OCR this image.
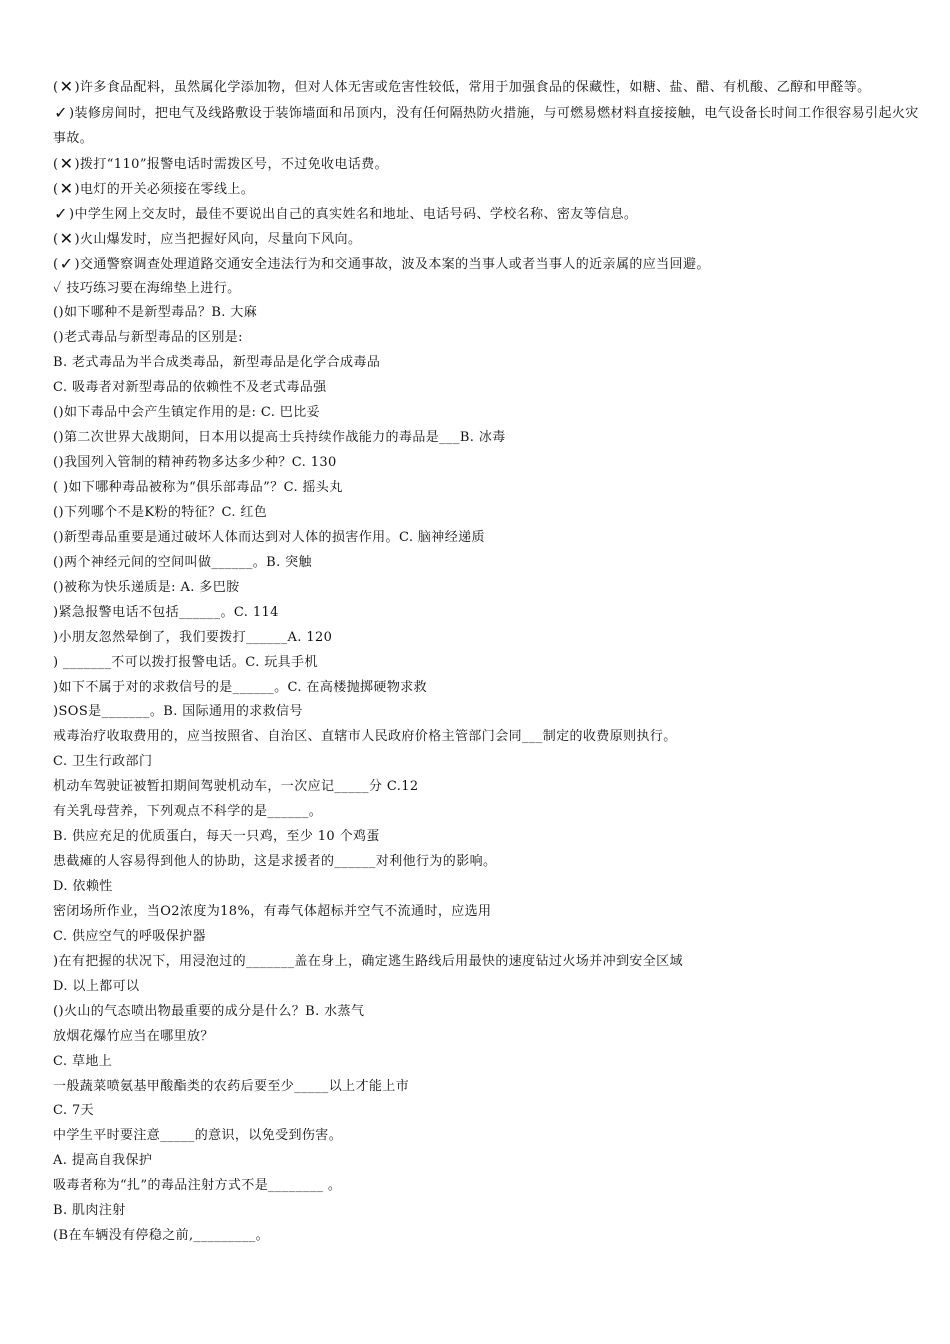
(✕)许多食品配料，虽然属化学添加物，但对人体无害或危害性较低，常用于加强食品的保藏性，如糖、盐、醋、有机酸、乙醇和甲醛等。
✓)装修房间时，把电气及线路敷设于装饰墙面和吊顶内，没有任何隔热防火措施，与可燃易燃材料直接接触，电气设备长时间工作很容易引起火灾事故。
(✕)拨打“110”报警电话时需拨区号，不过免收电话费。
(✕)电灯的开关必须接在零线上。
✓)中学生网上交友时，最佳不要说出自己的真实姓名和地址、电话号码、学校名称、密友等信息。
(✕)火山爆发时，应当把握好风向，尽量向下风向。
(✓)交通警察调查处理道路交通安全违法行为和交通事故，波及本案的当事人或者当事人的近亲属的应当回避。
✓ 技巧练习要在海绵垫上进行。
()如下哪种不是新型毒品？B. 大麻
()老式毒品与新型毒品的区别是:
B. 老式毒品为半合成类毒品，新型毒品是化学合成毒品
C. 吸毒者对新型毒品的依赖性不及老式毒品强
()如下毒品中会产生镇定作用的是: C. 巴比妥
()第二次世界大战期间，日本用以提高士兵持续作战能力的毒品是___B. 冰毒
()我国列入管制的精神药物多达多少种？C. 130
( )如下哪种毒品被称为“俱乐部毒品”？C. 摇头丸
()下列哪个不是K粉的特征？C. 红色
()新型毒品重要是通过破坏人体而达到对人体的损害作用。C. 脑神经递质
()两个神经元间的空间叫做______。B. 突触
()被称为快乐递质是: A. 多巴胺
)紧急报警电话不包括______。C. 114
)小朋友忽然晕倒了，我们要拨打______A. 120
) _______不可以拨打报警电话。C. 玩具手机
)如下不属于对的求救信号的是______。C. 在高楼抛掷硬物求救
)SOS是_______。B. 国际通用的求救信号
戒毒治疗收取费用的，应当按照省、自治区、直辖市人民政府价格主管部门会同___制定的收费原则执行。
C. 卫生行政部门
机动车驾驶证被暂扣期间驾驶机动车，一次应记_____分 C.12
有关乳母营养，下列观点不科学的是______。
B. 供应充足的优质蛋白，每天一只鸡，至少 10 个鸡蛋
患截瘫的人容易得到他人的协助，这是求援者的______对利他行为的影响。
D. 依赖性
密闭场所作业，当O2浓度为18%，有毒气体超标并空气不流通时，应选用
C. 供应空气的呼吸保护器
)在有把握的状况下，用浸泡过的_______盖在身上，确定逃生路线后用最快的速度钻过火场并冲到安全区域
D. 以上都可以
()火山的气态喷出物最重要的成分是什么？B. 水蒸气
放烟花爆竹应当在哪里放？
C. 草地上
一般蔬菜喷氨基甲酸酯类的农药后要至少_____以上才能上市
C. 7天
中学生平时要注意_____的意识，以免受到伤害。
A. 提高自我保护
吸毒者称为“扎”的毒品注射方式不是________ 。
B. 肌肉注射
(B在车辆没有停稳之前,_________。
